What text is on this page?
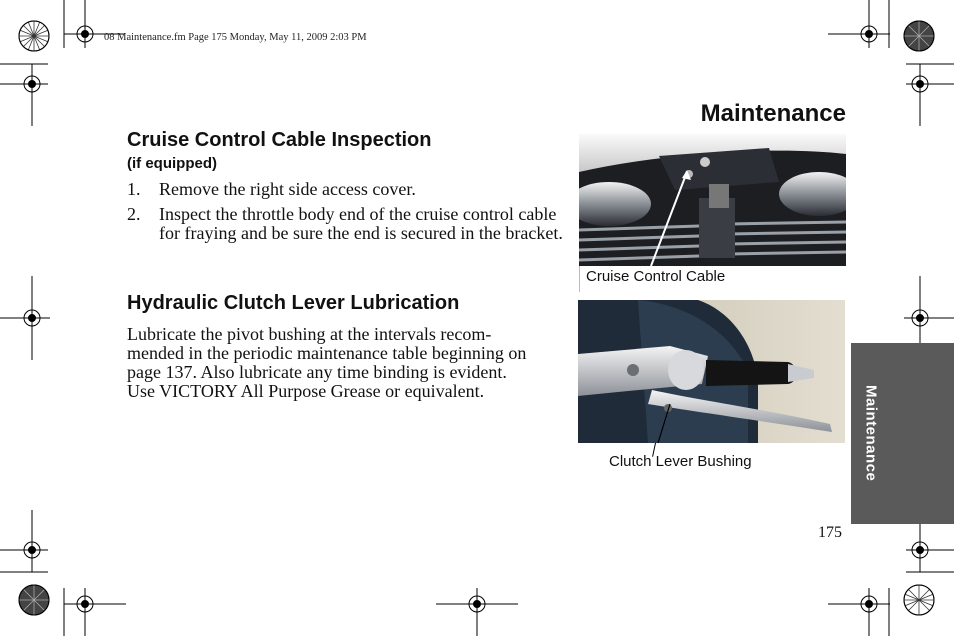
08 Maintenance.fm Page 175 Monday, May 11, 2009 2:03 PM
Maintenance
Cruise Control Cable Inspection
(if equipped)
1.	Remove the right side access cover.
2.	Inspect the throttle body end of the cruise control cable for fraying and be sure the end is secured in the bracket.
Hydraulic Clutch Lever Lubrication
Lubricate the pivot bushing at the intervals recom-
mended in the periodic maintenance table beginning on
page 137. Also lubricate any time binding is evident.
Use VICTORY All Purpose Grease or equivalent.
Cruise Control Cable
Clutch Lever Bushing	Maintenance
175
